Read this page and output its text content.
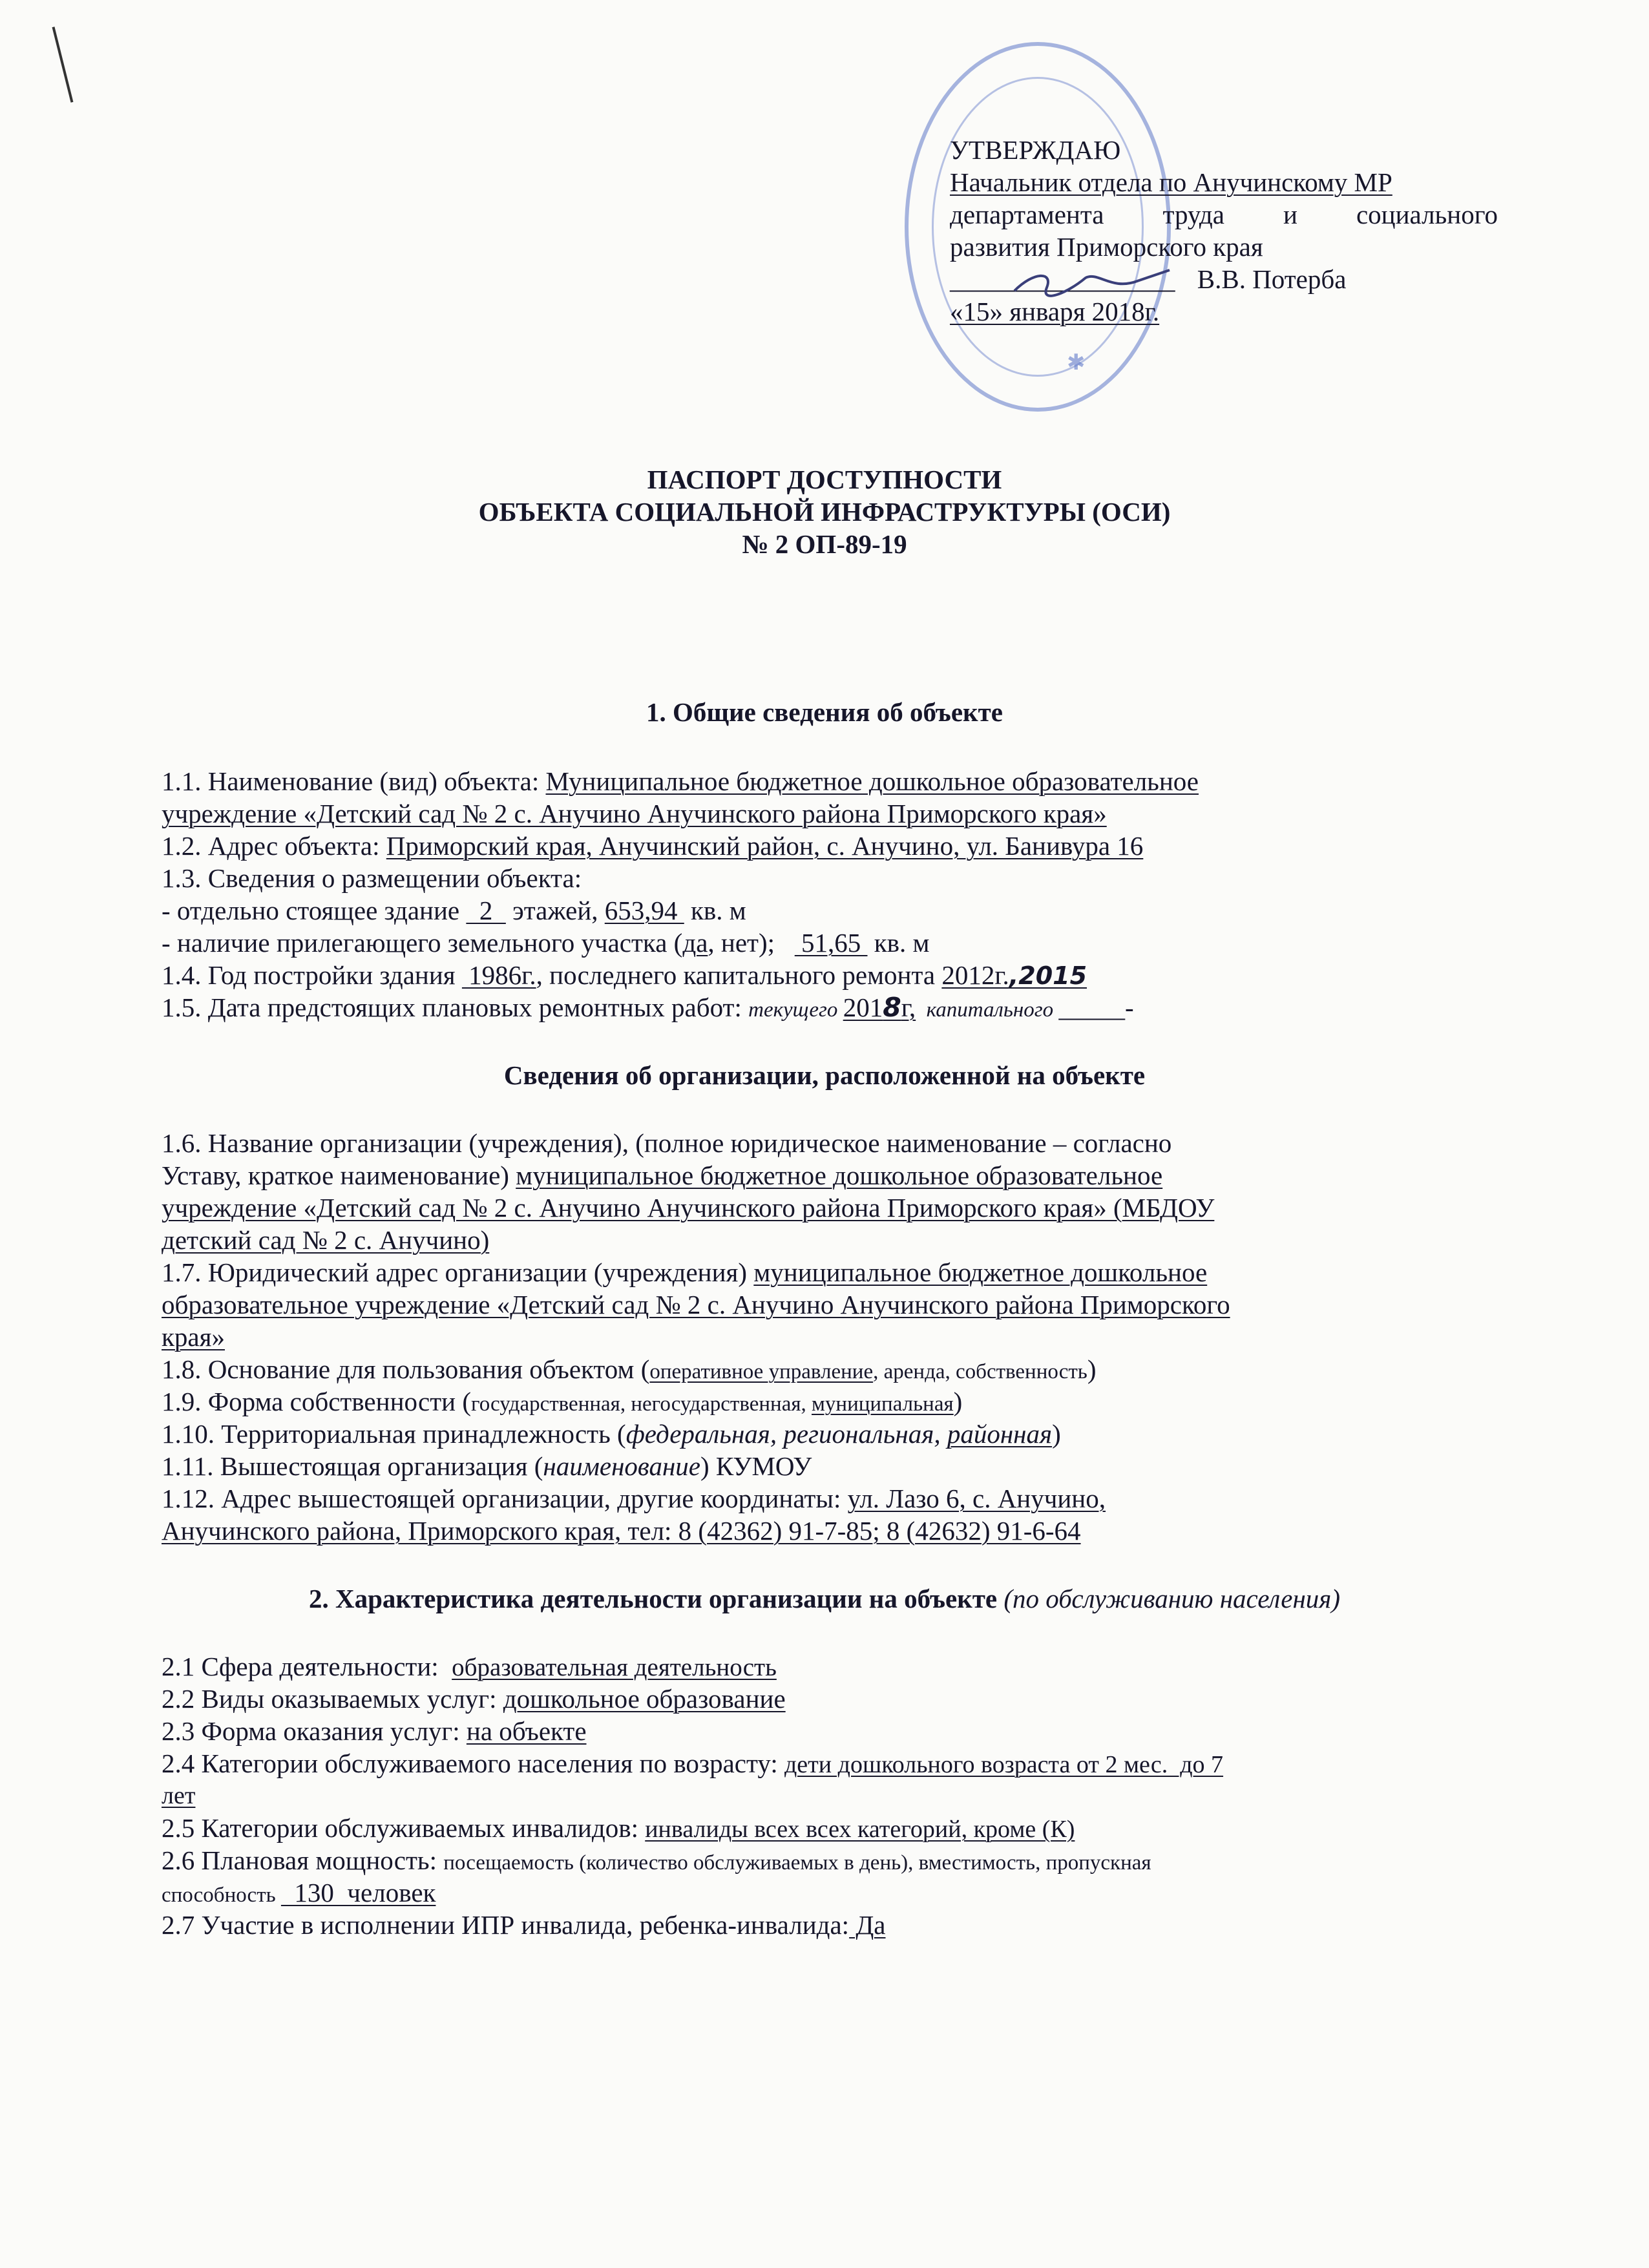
✱
УТВЕРЖДАЮ
Начальник отдела по Анучинскому МР
департамента труда и социального
развития Приморского края
_________________ В.В. Потерба
«15» января 2018г.
ПАСПОРТ ДОСТУПНОСТИ
ОБЪЕКТА СОЦИАЛЬНОЙ ИНФРАСТРУКТУРЫ (ОСИ)
№ 2 ОП-89-19
1. Общие сведения об объекте
1.1. Наименование (вид) объекта: Муниципальное бюджетное дошкольное образовательное
учреждение «Детский сад № 2 с. Анучино Анучинского района Приморского края»
1.2. Адрес объекта: Приморский края, Анучинский район, с. Анучино, ул. Банивура 16
1.3. Сведения о размещении объекта:
- отдельно стоящее здание   2   этажей, 653,94  кв. м
- наличие прилегающего земельного участка (да, нет);    51,65  кв. м
1.4. Год постройки здания  1986г., последнего капитального ремонта 2012г.,2015
1.5. Дата предстоящих плановых ремонтных работ: текущего 2018г,  капитального _____-
Сведения об организации, расположенной на объекте
1.6. Название организации (учреждения), (полное юридическое наименование – согласно
Уставу, краткое наименование) муниципальное бюджетное дошкольное образовательное
учреждение «Детский сад № 2 с. Анучино Анучинского района Приморского края» (МБДОУ
детский сад № 2 с. Анучино)
1.7. Юридический адрес организации (учреждения) муниципальное бюджетное дошкольное
образовательное учреждение «Детский сад № 2 с. Анучино Анучинского района Приморского
края»
1.8. Основание для пользования объектом (оперативное управление, аренда, собственность)
1.9. Форма собственности (государственная, негосударственная, муниципальная)
1.10. Территориальная принадлежность (федеральная, региональная, районная)
1.11. Вышестоящая организация (наименование) КУМОУ
1.12. Адрес вышестоящей организации, другие координаты: ул. Лазо 6, с. Анучино,
Анучинского района, Приморского края, тел: 8 (42362) 91-7-85; 8 (42632) 91-6-64
2. Характеристика деятельности организации на объекте (по обслуживанию населения)
2.1 Сфера деятельности:  образовательная деятельность
2.2 Виды оказываемых услуг: дошкольное образование
2.3 Форма оказания услуг: на объекте
2.4 Категории обслуживаемого населения по возрасту: дети дошкольного возраста от 2 мес.  до 7
лет
2.5 Категории обслуживаемых инвалидов: инвалиды всех всех категорий, кроме (К)
2.6 Плановая мощность: посещаемость (количество обслуживаемых в день), вместимость, пропускная
способность   130  человек
2.7 Участие в исполнении ИПР инвалида, ребенка-инвалида: Да
